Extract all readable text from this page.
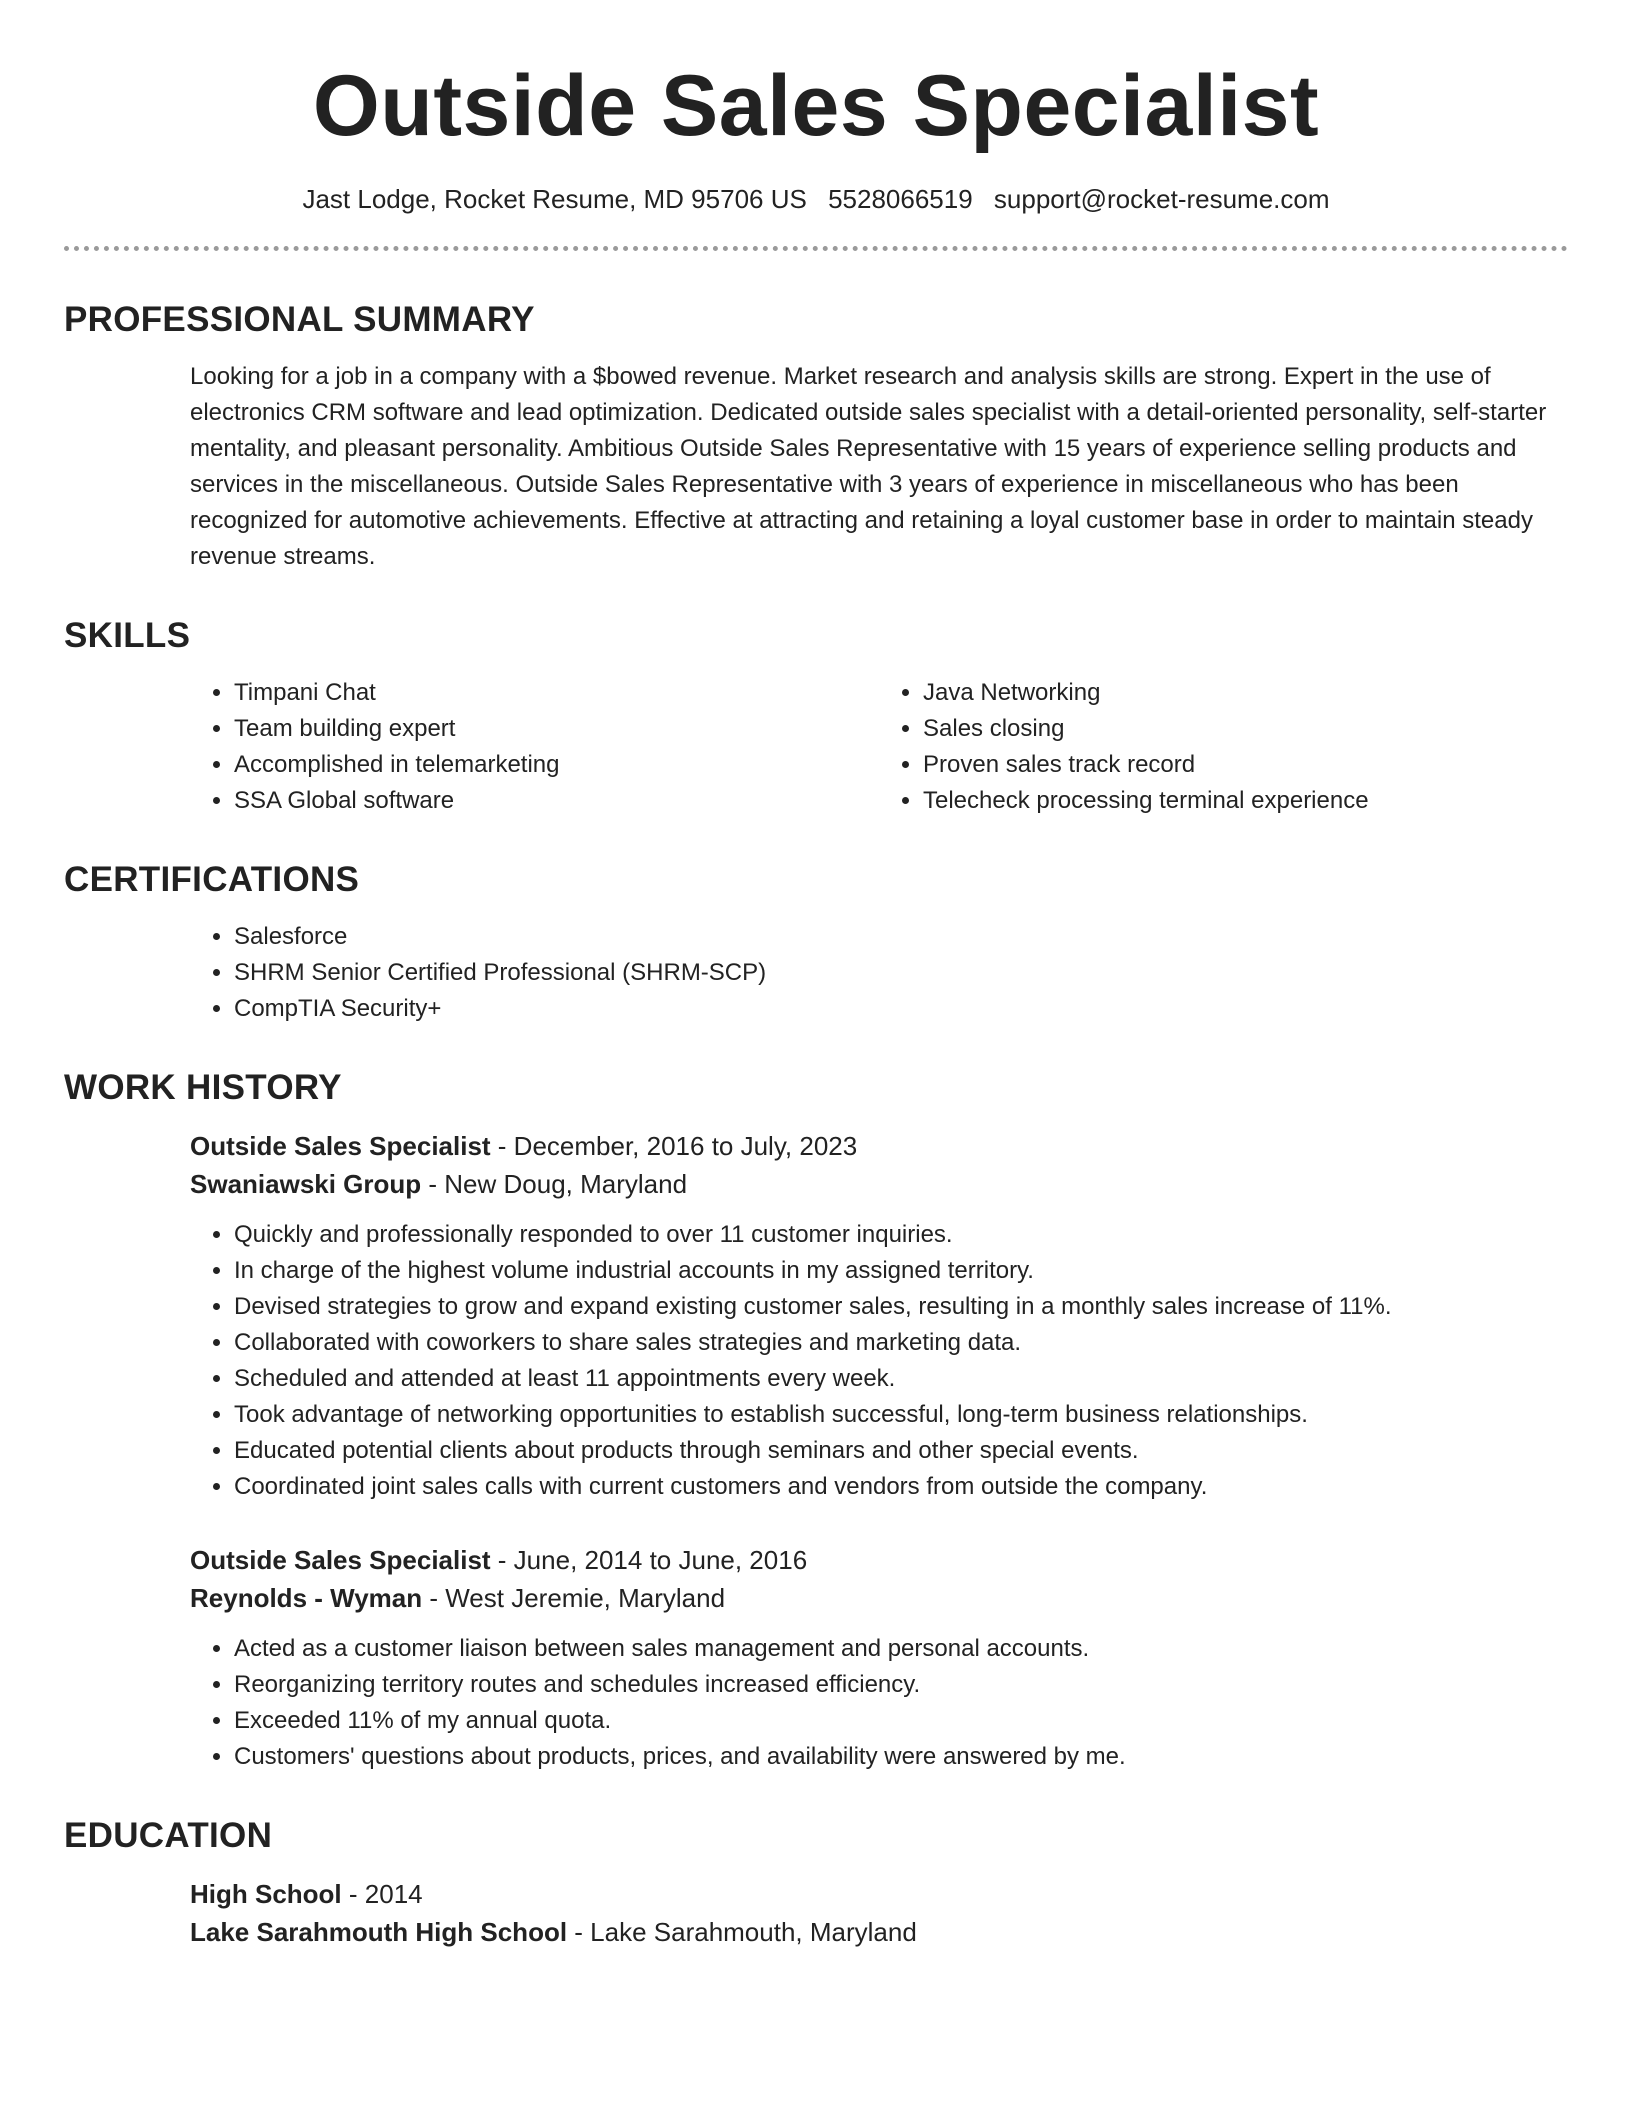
Outside Sales Specialist
Jast Lodge, Rocket Resume, MD 95706 US 5528066519 support@rocket-resume.com
PROFESSIONAL SUMMARY

Looking for a job in a company with a $bowed revenue. Market research and analysis skills are strong. Expert in the use of electronics CRM software and lead optimization. Dedicated outside sales specialist with a detail-oriented personality, self-starter mentality, and pleasant personality. Ambitious Outside Sales Representative with 15 years of experience selling products and services in the miscellaneous. Outside Sales Representative with 3 years of experience in miscellaneous who has been recognized for automotive achievements. Effective at attracting and retaining a loyal customer base in order to maintain steady revenue streams.

SKILLS
• Timpani Chat
• Team building expert
• Accomplished in telemarketing
• SSA Global software
• Java Networking
• Sales closing
• Proven sales track record
• Telecheck processing terminal experience
CERTIFICATIONS
• Salesforce
• SHRM Senior Certified Professional (SHRM-SCP)
• CompTIA Security+
WORK HISTORY
Outside Sales Specialist - December, 2016 to July, 2023
Swaniawski Group - New Doug, Maryland
• Quickly and professionally responded to over 11 customer inquiries.
• In charge of the highest volume industrial accounts in my assigned territory.
• Devised strategies to grow and expand existing customer sales, resulting in a monthly sales increase of 11%.
• Collaborated with coworkers to share sales strategies and marketing data.
• Scheduled and attended at least 11 appointments every week.
• Took advantage of networking opportunities to establish successful, long-term business relationships.
• Educated potential clients about products through seminars and other special events.
• Coordinated joint sales calls with current customers and vendors from outside the company.
Outside Sales Specialist - June, 2014 to June, 2016
Reynolds - Wyman - West Jeremie, Maryland
• Acted as a customer liaison between sales management and personal accounts.
• Reorganizing territory routes and schedules increased efficiency.
• Exceeded 11% of my annual quota.
• Customers' questions about products, prices, and availability were answered by me.
EDUCATION
High School - 2014
Lake Sarahmouth High School - Lake Sarahmouth, Maryland
